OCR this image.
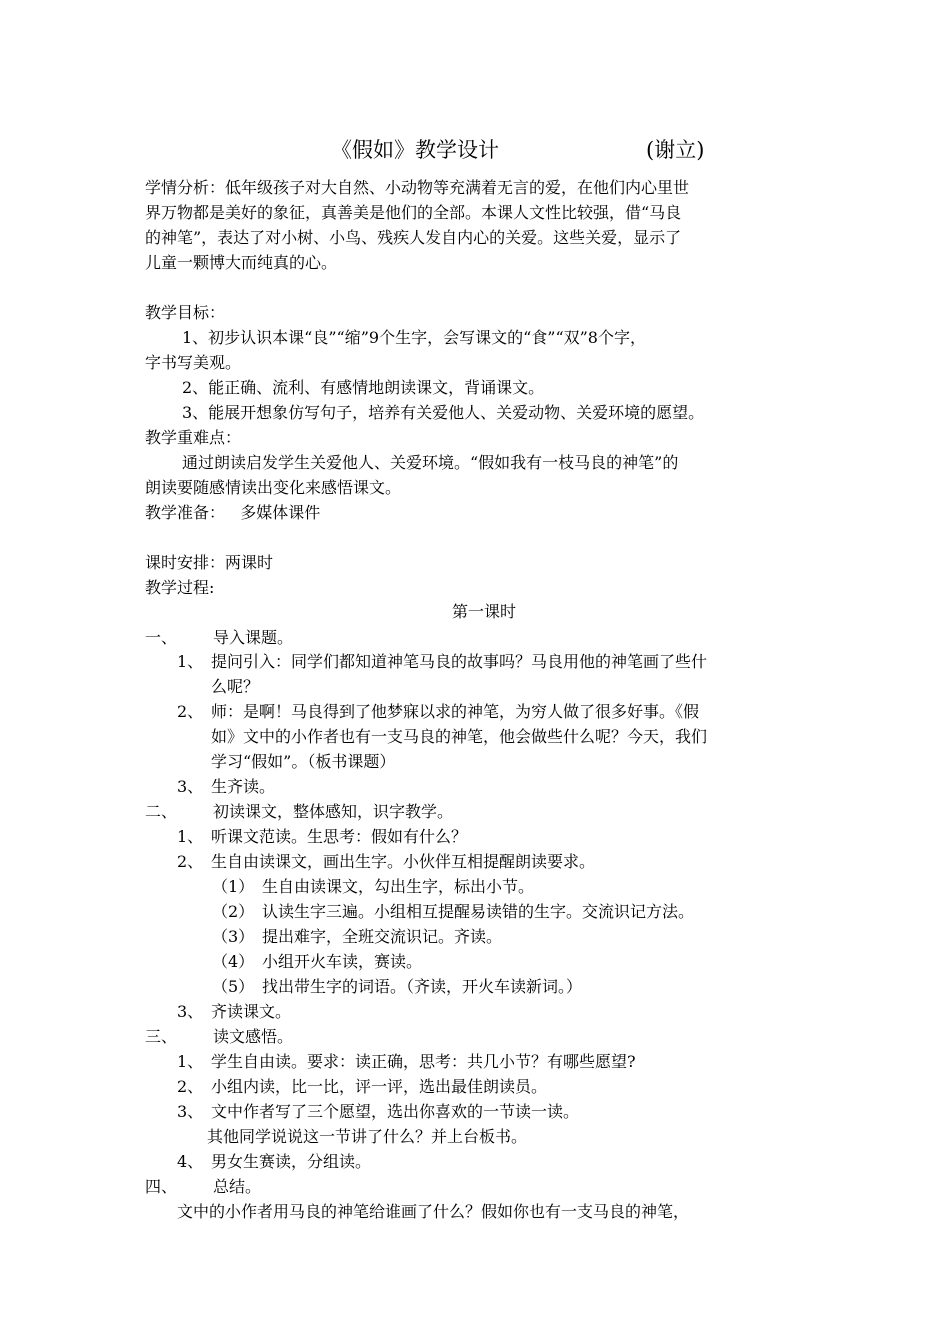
《假如》教学设计	(谢立)
学情分析：低年级孩子对大自然、小动物等充满着无言的爱，在他们内心里世
界万物都是美好的象征，真善美是他们的全部。本课人文性比较强，借“马良
的神笔”，表达了对小树、小鸟、残疾人发自内心的关爱。这些关爱，显示了
儿童一颗博大而纯真的心。
教学目标：
1、初步认识本课“良”“缩”9个生字，会写课文的“食”“双”8个字，
字书写美观。
2、能正确、流利、有感情地朗读课文，背诵课文。
3、能展开想象仿写句子，培养有关爱他人、关爱动物、关爱环境的愿望。
教学重难点：
通过朗读启发学生关爱他人、关爱环境。“假如我有一枝马良的神笔”的
朗读要随感情读出变化来感悟课文。
教学准备：   多媒体课件
课时安排：两课时
教学过程:
第一课时
一、 导入课题。
1、 提问引入：同学们都知道神笔马良的故事吗？马良用他的神笔画了些什
么呢？
2、 师：是啊！马良得到了他梦寐以求的神笔，为穷人做了很多好事。《假
如》文中的小作者也有一支马良的神笔，他会做些什么呢？今天，我们
学习“假如”。（板书课题）
3、 生齐读。
二、 初读课文，整体感知，识字教学。
1、 听课文范读。生思考：假如有什么？
2、 生自由读课文，画出生字。小伙伴互相提醒朗读要求。
（1） 生自由读课文，勾出生字，标出小节。
（2） 认读生字三遍。小组相互提醒易读错的生字。交流识记方法。
（3） 提出难字，全班交流识记。齐读。
（4） 小组开火车读，赛读。
（5） 找出带生字的词语。（齐读，开火车读新词。）
3、 齐读课文。
三、 读文感悟。
1、 学生自由读。要求：读正确，思考：共几小节？有哪些愿望?
2、 小组内读，比一比，评一评，选出最佳朗读员。
3、 文中作者写了三个愿望，选出你喜欢的一节读一读。
其他同学说说这一节讲了什么？并上台板书。
4、 男女生赛读，分组读。
四、 总结。
文中的小作者用马良的神笔给谁画了什么？假如你也有一支马良的神笔，
